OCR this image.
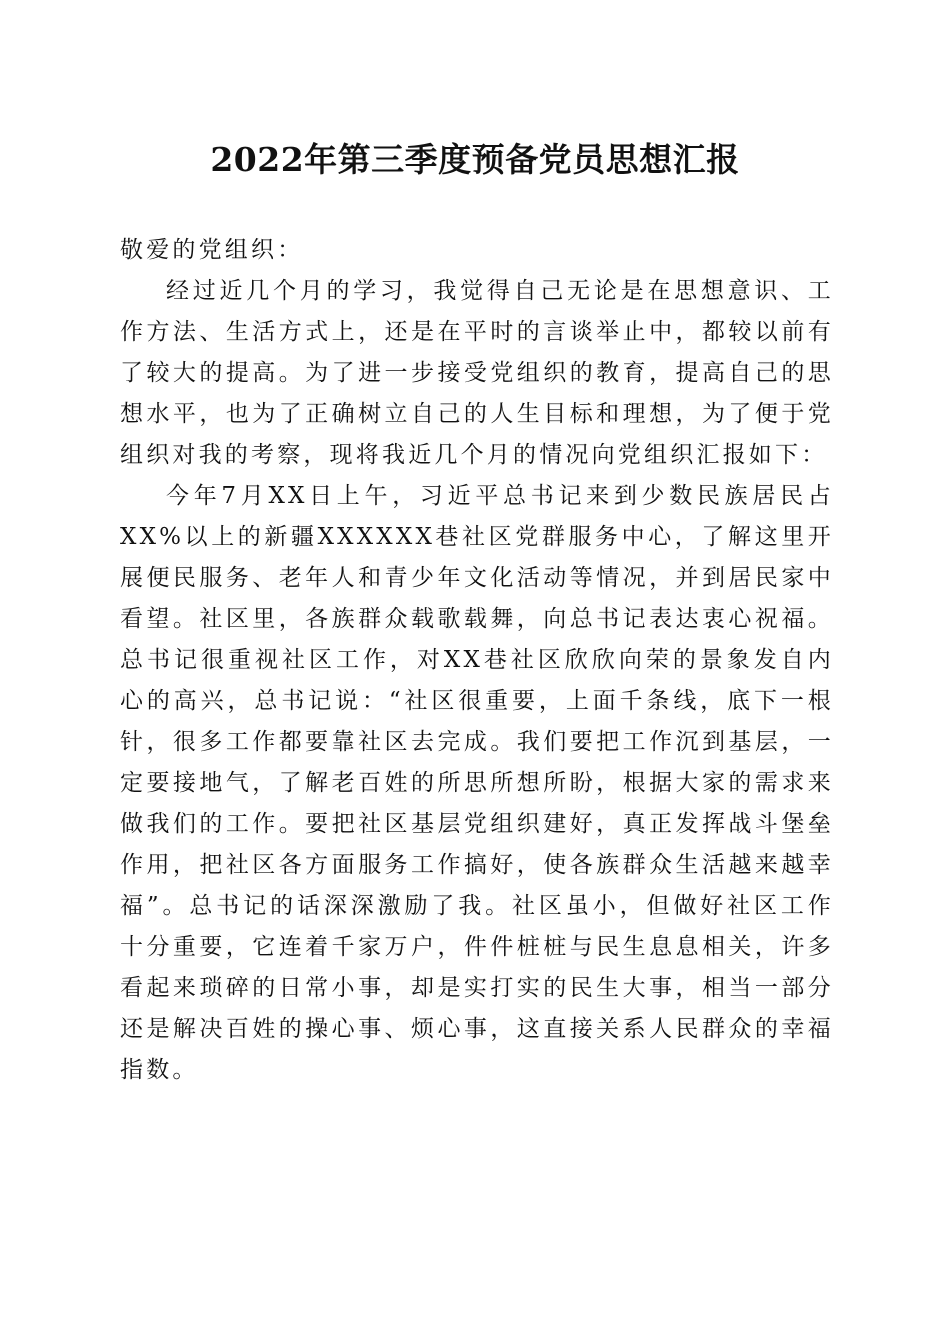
2022年第三季度预备党员思想汇报

敬爱的党组织：

经过近几个月的学习，我觉得自己无论是在思想意识、工作方法、生活方式上，还是在平时的言谈举止中，都较以前有了较大的提高。为了进一步接受党组织的教育，提高自己的思想水平，也为了正确树立自己的人生目标和理想，为了便于党组织对我的考察，现将我近几个月的情况向党组织汇报如下：

今年7月XX日上午，习近平总书记来到少数民族居民占XX%以上的新疆XXXXXX巷社区党群服务中心，了解这里开展便民服务、老年人和青少年文化活动等情况，并到居民家中看望。社区里，各族群众载歌载舞，向总书记表达衷心祝福。总书记很重视社区工作，对XX巷社区欣欣向荣的景象发自内心的高兴，总书记说：“社区很重要，上面千条线，底下一根针，很多工作都要靠社区去完成。我们要把工作沉到基层，一定要接地气，了解老百姓的所思所想所盼，根据大家的需求来做我们的工作。要把社区基层党组织建好，真正发挥战斗堡垒作用，把社区各方面服务工作搞好，使各族群众生活越来越幸福”。总书记的话深深激励了我。社区虽小，但做好社区工作十分重要，它连着千家万户，件件桩桩与民生息息相关，许多看起来琐碎的日常小事，却是实打实的民生大事，相当一部分还是解决百姓的操心事、烦心事，这直接关系人民群众的幸福指数。
